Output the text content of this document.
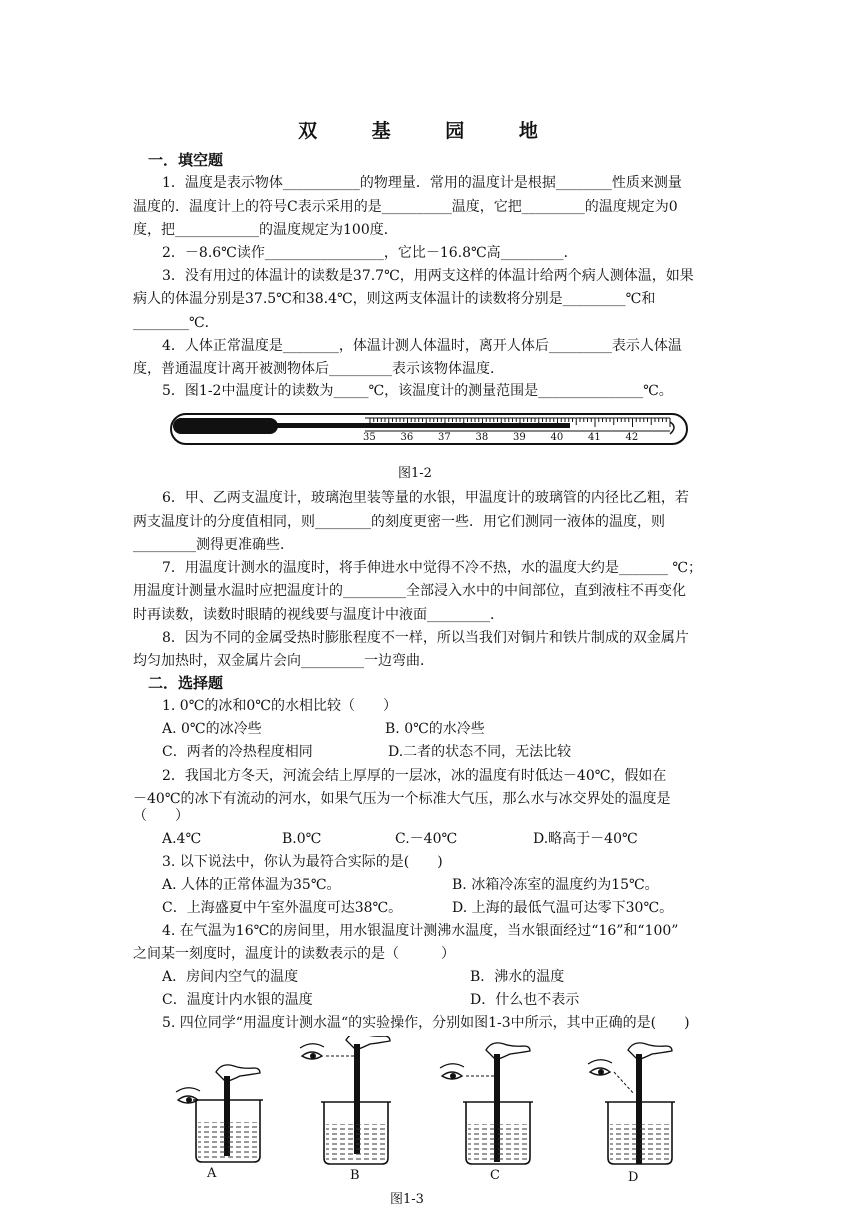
双 基 园 地
一．填空题
1．温度是表示物体___________的物理量．常用的温度计是根据________性质来测量
温度的．温度计上的符号C表示采用的是__________温度，它把_________的温度规定为0
度，把____________的温度规定为100度．
2．－8.6℃读作_________________，它比－16.8℃高_________．
3．没有用过的体温计的读数是37.7℃，用两支这样的体温计给两个病人测体温，如果
病人的体温分别是37.5℃和38.4℃，则这两支体温计的读数将分别是_________℃和
________℃．
4．人体正常温度是________，体温计测人体温时，离开人体后_________表示人体温
度，普通温度计离开被测物体后_________表示该物体温度．
5．图1-2中温度计的读数为_____℃，该温度计的测量范围是_______________℃。
35 36 37 38 39 40 41 42
图1-2
6．甲、乙两支温度计，玻璃泡里装等量的水银，甲温度计的玻璃管的内径比乙粗，若
两支温度计的分度值相同，则________的刻度更密一些．用它们测同一液体的温度，则
_________测得更准确些．
7．用温度计测水的温度时，将手伸进水中觉得不冷不热，水的温度大约是_______ ℃；
用温度计测量水温时应把温度计的_________全部浸入水中的中间部位，直到液柱不再变化
时再读数，读数时眼睛的视线要与温度计中液面_________．
8．因为不同的金属受热时膨胀程度不一样，所以当我们对铜片和铁片制成的双金属片
均匀加热时，双金属片会向_________一边弯曲．
二．选择题
1. 0℃的冰和0℃的水相比较（　　）
A. 0℃的冰冷些	B. 0℃的水冷些
C．两者的冷热程度相同	D.二者的状态不同，无法比较
2．我国北方冬天，河流会结上厚厚的一层冰，冰的温度有时低达－40℃，假如在
－40℃的冰下有流动的河水，如果气压为一个标准大气压，那么水与冰交界处的温度是
（　　）
A.4℃	B.0℃	C.－40℃	D.略高于－40℃
3. 以下说法中，你认为最符合实际的是(　　)
A. 人体的正常体温为35℃。	B. 冰箱冷冻室的温度约为15℃。
C．上海盛夏中午室外温度可达38℃。	D. 上海的最低气温可达零下30℃。
4. 在气温为16℃的房间里，用水银温度计测沸水温度，当水银面经过“16”和“100”
之间某一刻度时，温度计的读数表示的是（　　　）
A．房间内空气的温度	B．沸水的温度
C．温度计内水银的温度	D．什么也不表示
5. 四位同学“用温度计测水温“的实验操作，分别如图1-3中所示，其中正确的是(　　)
A	B	C	D
图1-3
